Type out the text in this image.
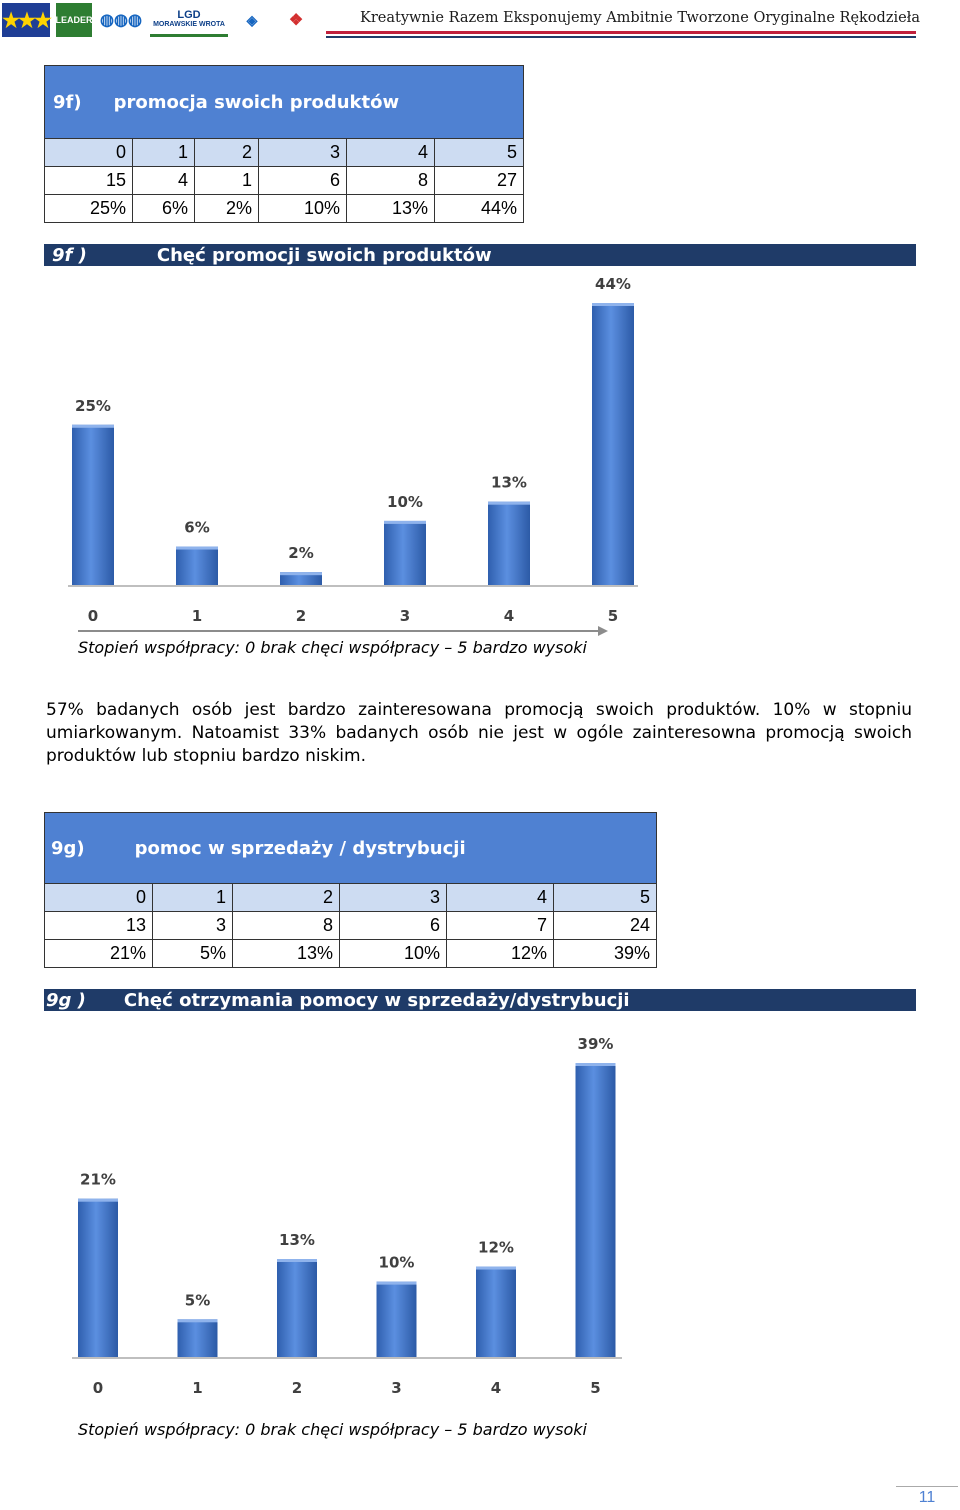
★★★ LEADER ◍◍◍	LGD
MORAWSKIE WROTA	◈	❖	Kreatywnie Razem Eksponujemy Ambitnie Tworzone Oryginalne Rękodzieła
9f) promocja swoich produktów
0	1	2	3	4	5
15	4	1	6	8	27
25%	6%	2%	10%	13%	44%
9f )	Chęć promocji swoich produktów
25%
0
6%
1
2%
2
10%
3
13%
4
44%
5
21%
0
5%
1
13%
2
10%
3
12%
4
39%
5
Stopień współpracy: 0 brak chęci współpracy – 5 bardzo wysoki
57% badanych osób jest bardzo zainteresowana promocją swoich produktów. 10% w stopniu umiarkowanym. Natoamist 33% badanych osób nie jest w ogóle zainteresowna promocją swoich produktów lub stopniu bardzo niskim.
9g)	pomoc w sprzedaży / dystrybucji
0	1	2	3	4	5
13	3	8	6	7	24
21%	5%	13%	10%	12%	39%
9g ) Chęć otrzymania pomocy w sprzedaży/dystrybucji
Stopień współpracy: 0 brak chęci współpracy – 5 bardzo wysoki
11
